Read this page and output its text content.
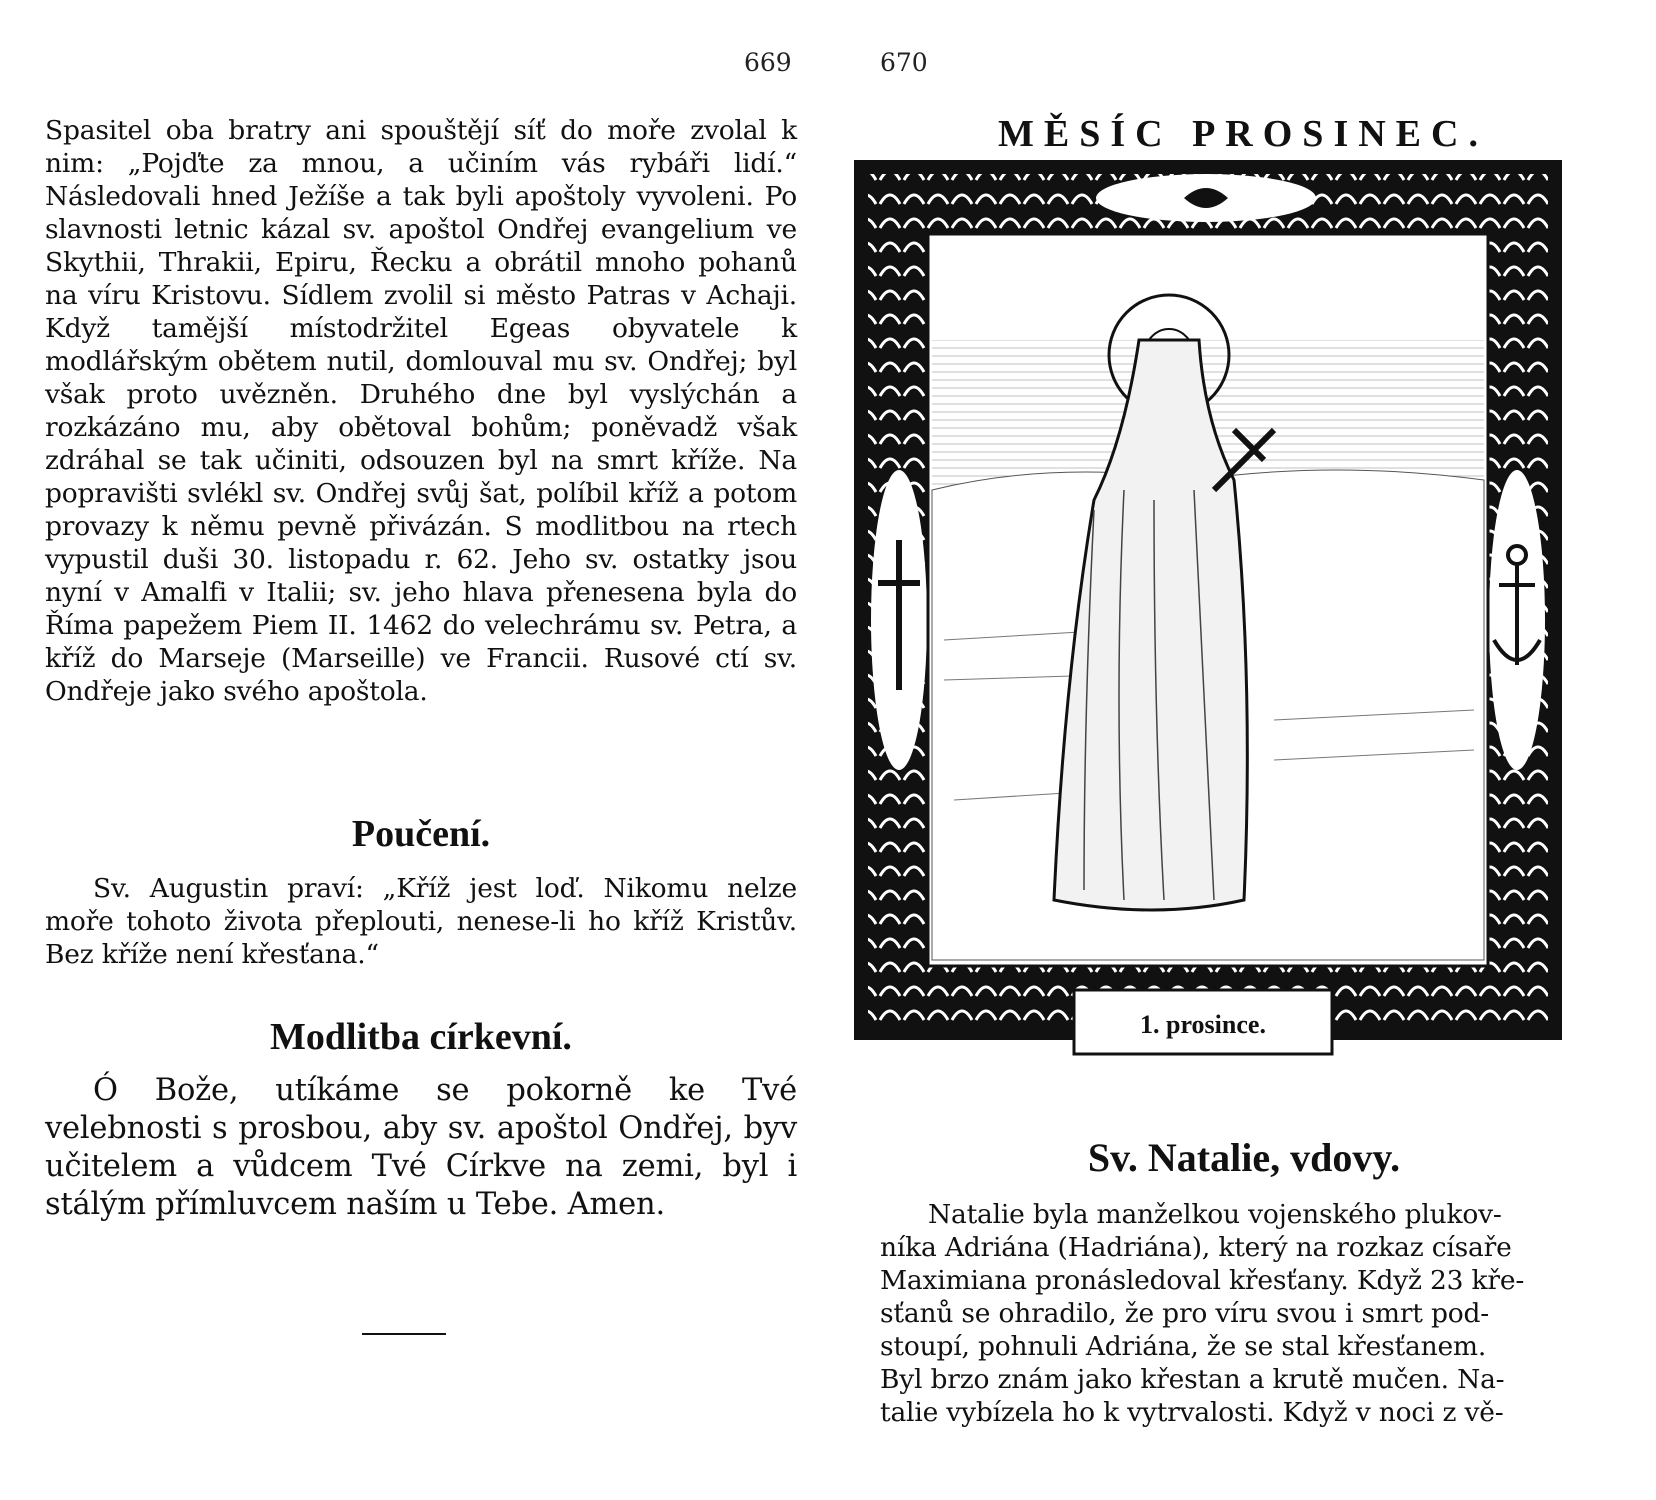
669
Spasitel oba bratry ani spouštějí síť do moře zvolal k nim: „Pojďte za mnou, a učiním vás rybáři lidí.“ Následovali hned Ježíše a tak byli apoštoly vyvoleni. Po slavnosti letnic kázal sv. apoštol Ondřej evangelium ve Skythii, Thrakii, Epiru, Řecku a obrátil mnoho pohanů na víru Kristovu. Sídlem zvolil si město Patras v Achaji. Když tamější místodržitel Egeas obyvatele k modlářským obětem nutil, domlouval mu sv. Ondřej; byl však proto uvězněn. Druhého dne byl vyslýchán a rozkázáno mu, aby obětoval bohům; poněvadž však zdráhal se tak učiniti, odsouzen byl na smrt kříže. Na popravišti svlékl sv. Ondřej svůj šat, políbil kříž a potom provazy k němu pevně přivázán. S modlitbou na rtech vypustil duši 30. listopadu r. 62. Jeho sv. ostatky jsou nyní v Amalfi v Italii; sv. jeho hlava přenesena byla do Říma papežem Piem II. 1462 do velechrámu sv. Petra, a kříž do Marseje (Marseille) ve Francii. Rusové ctí sv. Ondřeje jako svého apoštola.
Poučení.
Sv. Augustin praví: „Kříž jest loď. Nikomu nelze moře tohoto života přeplouti, nenese-li ho kříž Kristův. Bez kříže není křesťana.“
Modlitba církevní.
Ó Bože, utíkáme se pokorně ke Tvé velebnosti s prosbou, aby sv. apoštol Ondřej, byv učitelem a vůdcem Tvé Církve na zemi, byl i stálým přímluvcem naším u Tebe. Amen.
670
MĚSÍC PROSINEC.
1. prosince.
Sv. Natalie, vdovy.
Natalie byla manželkou vojenského plukov-
níka Adriána (Hadriána), který na rozkaz císaře
Maximiana pronásledoval křesťany. Když 23 kře-
sťanů se ohradilo, že pro víru svou i smrt pod-
stoupí, pohnuli Adriána, že se stal křesťanem.
Byl brzo znám jako křestan a krutě mučen. Na-
talie vybízela ho k vytrvalosti. Když v noci z vě-
